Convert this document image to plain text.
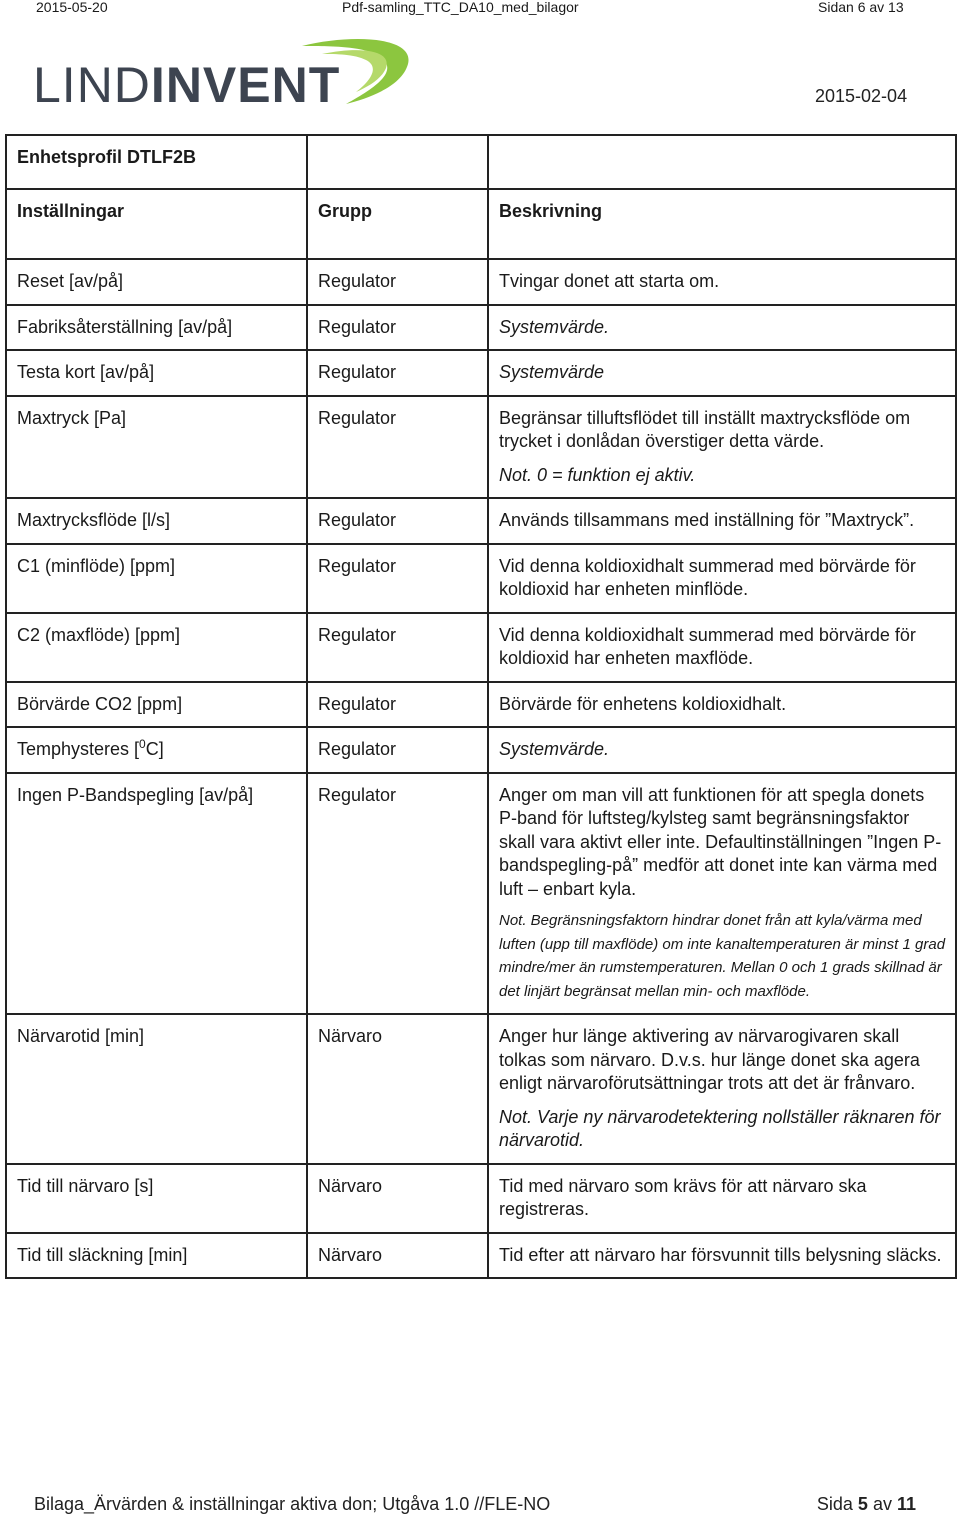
2015-05-20	Pdf-samling_TTC_DA10_med_bilagor	Sidan 6 av 13
LINDINVENT	2015-02-04
Enhetsprofil DTLF2B		
Inställningar	Grupp	Beskrivning
Reset [av/på]	Regulator	Tvingar donet att starta om.
Fabriksåterställning [av/på]	Regulator	Systemvärde.
Testa kort [av/på]	Regulator	Systemvärde
Maxtryck [Pa]	Regulator	Begränsar tilluftsflödet till inställt maxtrycksflöde om trycket i donlådan överstiger detta värde.
Not. 0 = funktion ej aktiv.

Maxtrycksflöde [l/s]	Regulator	Används tillsammans med inställning för ”Maxtryck”.
C1 (minflöde) [ppm]	Regulator	Vid denna koldioxidhalt summerad med börvärde för koldioxid har enheten minflöde.
C2 (maxflöde) [ppm]	Regulator	Vid denna koldioxidhalt summerad med börvärde för koldioxid har enheten maxflöde.
Börvärde CO2 [ppm]	Regulator	Börvärde för enhetens koldioxidhalt.
Temphysteres [$^0$C]	Regulator	Systemvärde.
Ingen P-Bandspegling [av/på]	Regulator	Anger om man vill att funktionen för att spegla donets P-band för luftsteg/kylsteg samt begränsningsfaktor skall vara aktivt eller inte. Defaultinställningen ”Ingen P-bandspegling-på” medför att donet inte kan värma med luft – enbart kyla.
Not. Begränsningsfaktorn hindrar donet från att kyla/värma med luften (upp till maxflöde) om inte kanaltemperaturen är minst 1 grad mindre/mer än rumstemperaturen. Mellan 0 och 1 grads skillnad är det linjärt begränsat mellan min- och maxflöde.

Närvarotid [min]	Närvaro	Anger hur länge aktivering av närvarogivaren skall tolkas som närvaro. D.v.s. hur länge donet ska agera enligt närvaroförutsättningar trots att det är frånvaro.
Not. Varje ny närvarodetektering nollställer räknaren för närvarotid.

Tid till närvaro [s]	Närvaro	Tid med närvaro som krävs för att närvaro ska registreras.
Tid till släckning [min]	Närvaro	Tid efter att närvaro har försvunnit tills belysning släcks.
Bilaga_Ärvärden & inställningar aktiva don; Utgåva 1.0 //FLE-NO	Sida 5 av 11
